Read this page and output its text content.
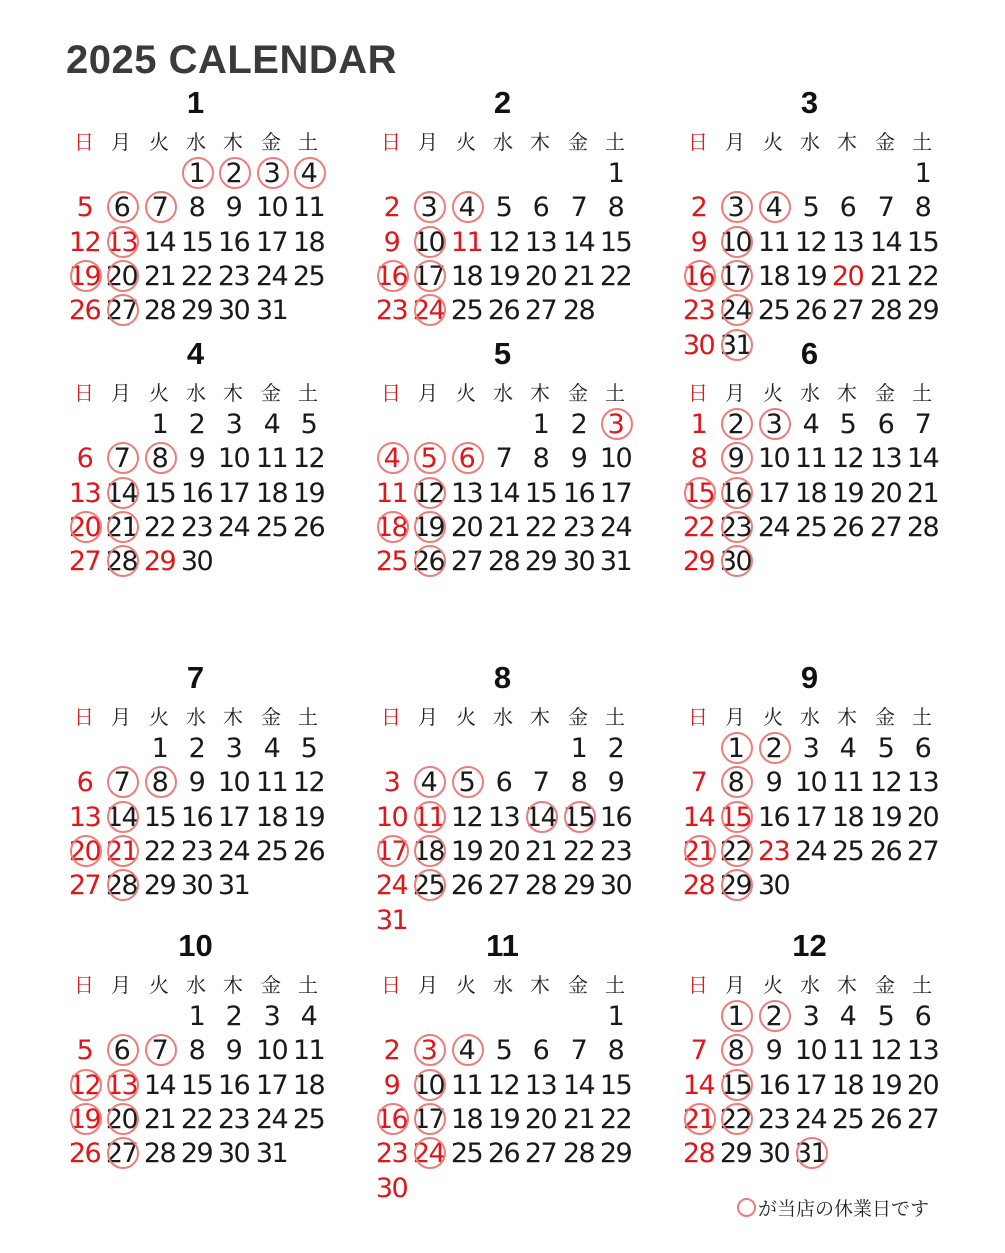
2025 CALENDAR
1
日 月 火 水 木 金 土
1 2 3 4
5 6 7 8 9 10 11
12 13 14 15 16 17 18
19 20 21 22 23 24 25
26 27 28 29 30 31
2
日 月 火 水 木 金 土
1
2 3 4 5 6 7 8
9 10 11 12 13 14 15
16 17 18 19 20 21 22
23 24 25 26 27 28
3
日 月 火 水 木 金 土
1
2 3 4 5 6 7 8
9 10 11 12 13 14 15
16 17 18 19 20 21 22
23 24 25 26 27 28 29
30 31
4
日 月 火 水 木 金 土
1 2 3 4 5
6 7 8 9 10 11 12
13 14 15 16 17 18 19
20 21 22 23 24 25 26
27 28 29 30
5
日 月 火 水 木 金 土
1 2 3
4 5 6 7 8 9 10
11 12 13 14 15 16 17
18 19 20 21 22 23 24
25 26 27 28 29 30 31
6
日 月 火 水 木 金 土
1 2 3 4 5 6 7
8 9 10 11 12 13 14
15 16 17 18 19 20 21
22 23 24 25 26 27 28
29 30
7
日 月 火 水 木 金 土
1 2 3 4 5
6 7 8 9 10 11 12
13 14 15 16 17 18 19
20 21 22 23 24 25 26
27 28 29 30 31
8
日 月 火 水 木 金 土
1 2
3 4 5 6 7 8 9
10 11 12 13 14 15 16
17 18 19 20 21 22 23
24 25 26 27 28 29 30
31
9
日 月 火 水 木 金 土
1 2 3 4 5 6
7 8 9 10 11 12 13
14 15 16 17 18 19 20
21 22 23 24 25 26 27
28 29 30
10
日 月 火 水 木 金 土
1 2 3 4
5 6 7 8 9 10 11
12 13 14 15 16 17 18
19 20 21 22 23 24 25
26 27 28 29 30 31
11
日 月 火 水 木 金 土
1
2 3 4 5 6 7 8
9 10 11 12 13 14 15
16 17 18 19 20 21 22
23 24 25 26 27 28 29
30
12
日 月 火 水 木 金 土
1 2 3 4 5 6
7 8 9 10 11 12 13
14 15 16 17 18 19 20
21 22 23 24 25 26 27
28 29 30 31
が当店の休業日です
